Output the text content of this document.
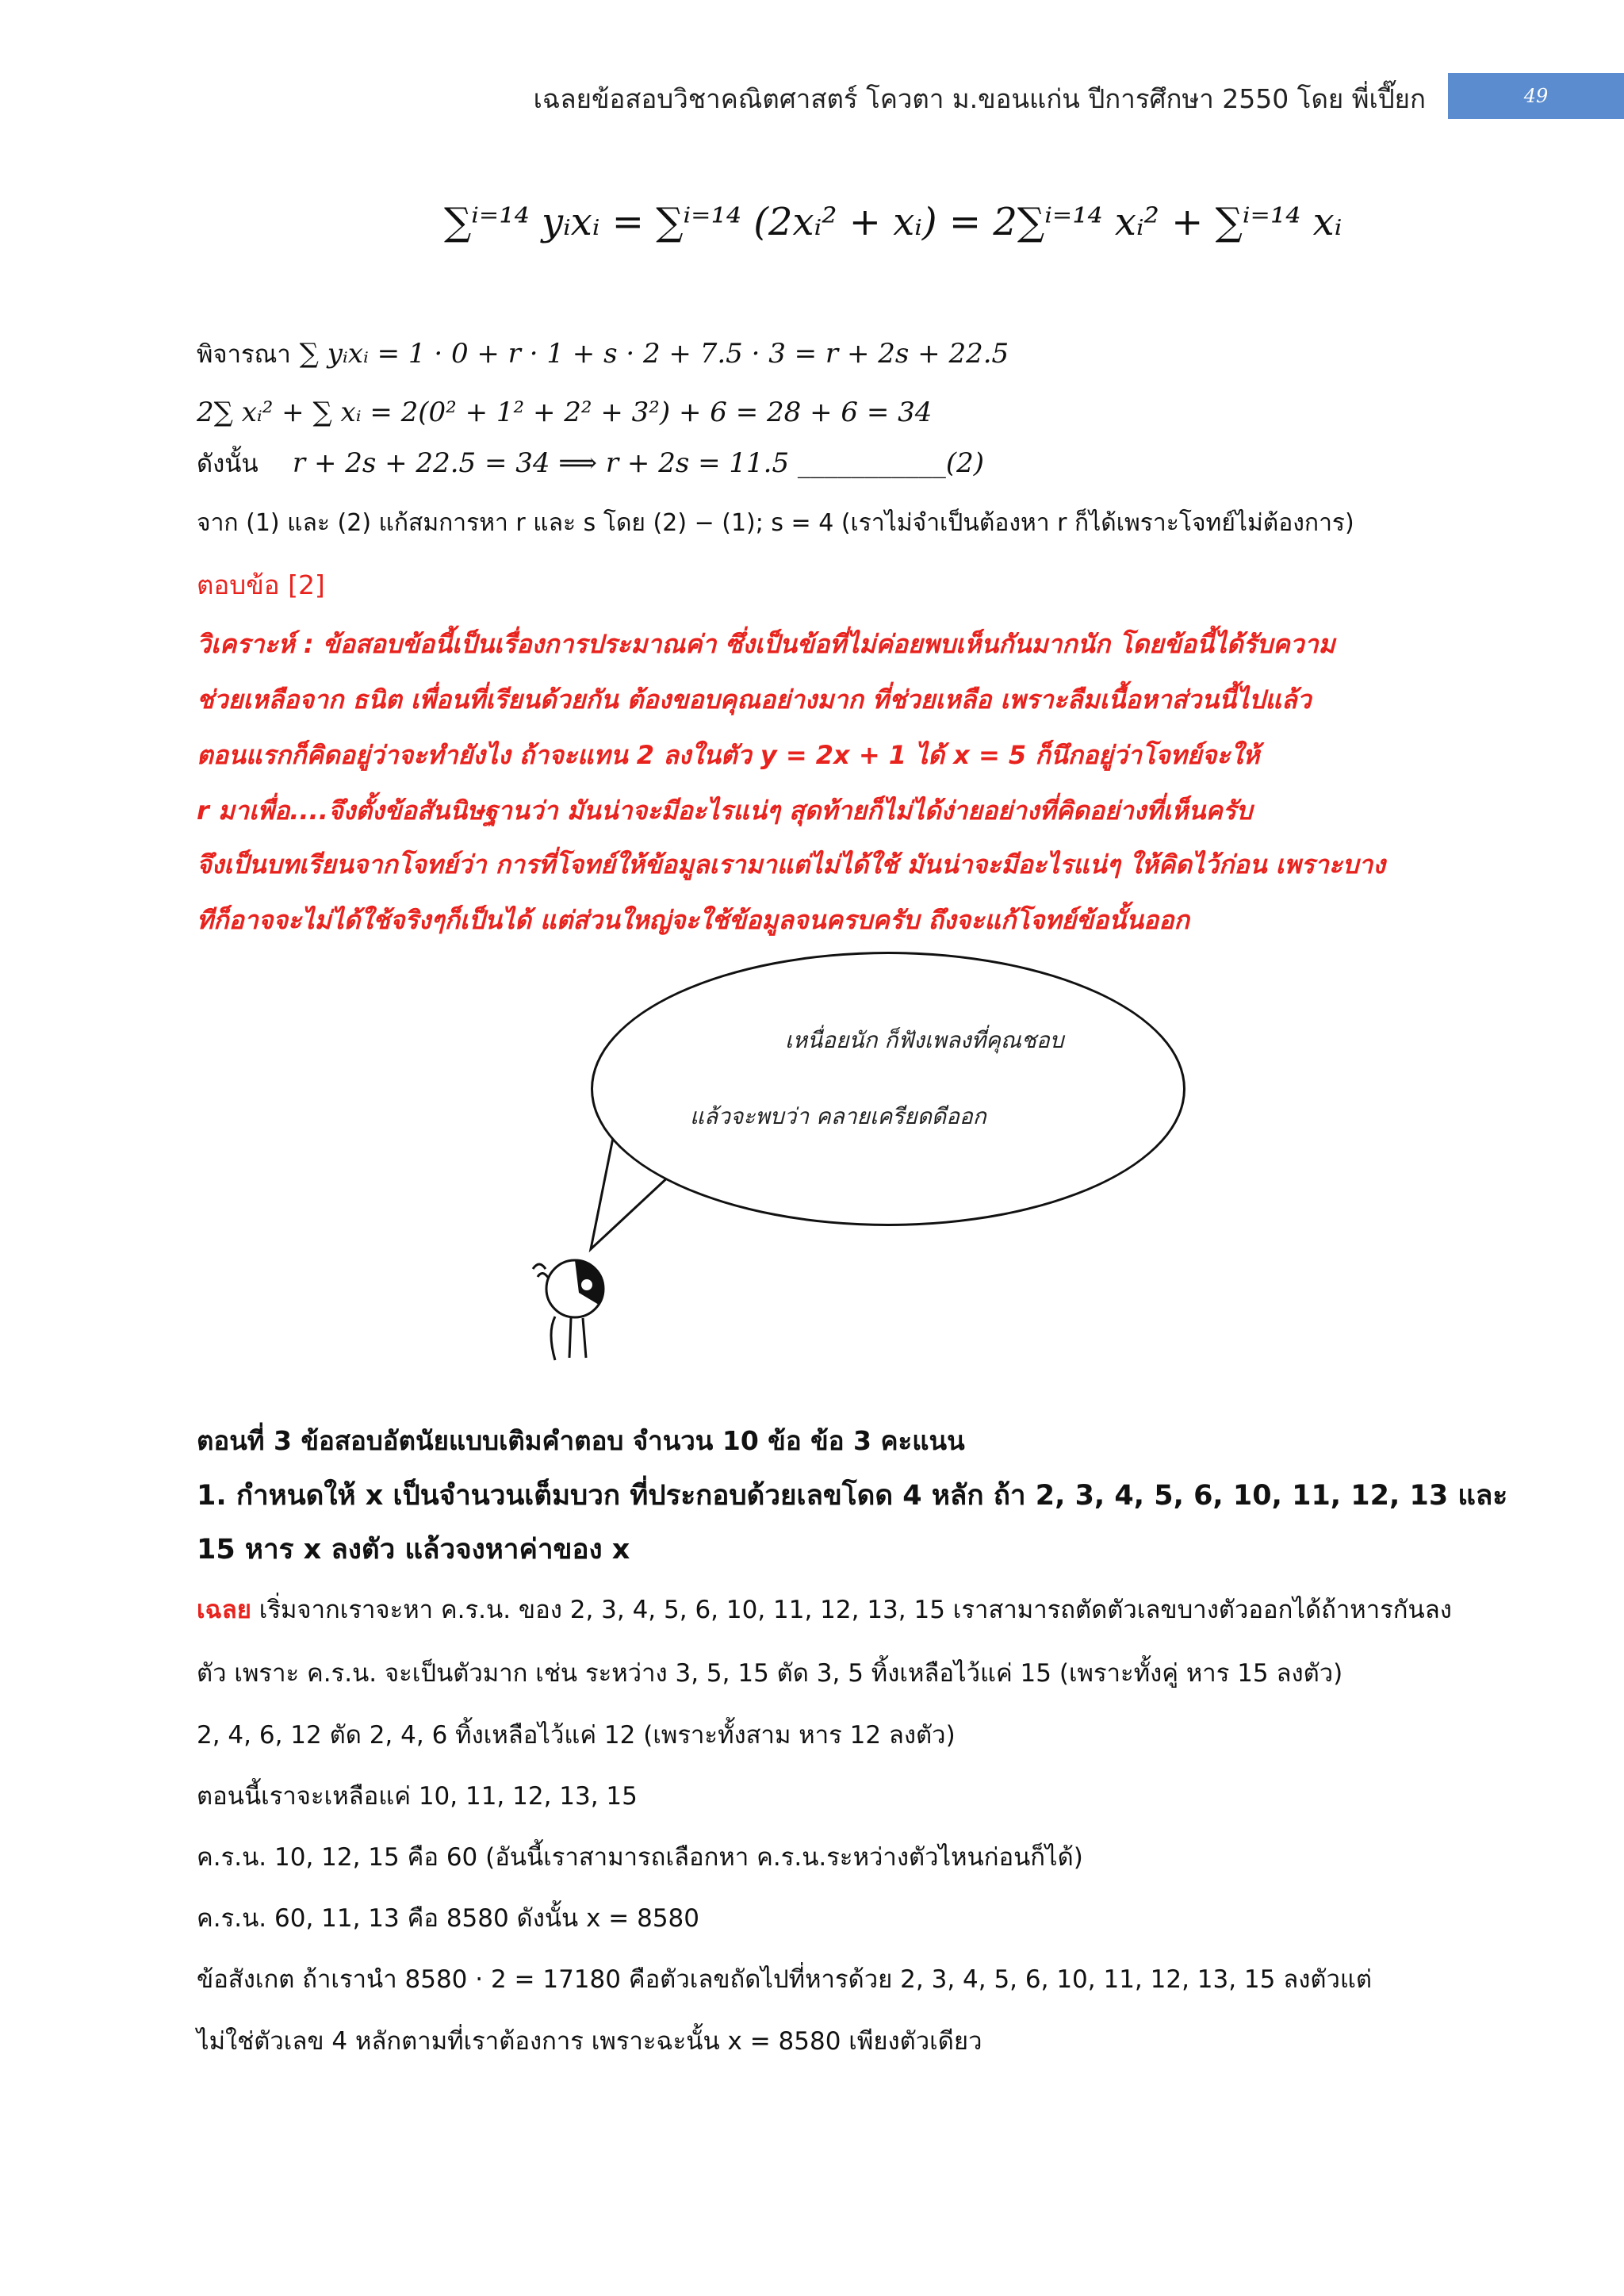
เฉลยข้อสอบวิชาคณิตศาสตร์ โควตา ม.ขอนแก่น ปีการศึกษา 2550 โดย พี่เปี๊ยก	49
∑ⁱ⁼¹⁴ yᵢxᵢ = ∑ⁱ⁼¹⁴ (2xᵢ² + xᵢ) = 2∑ⁱ⁼¹⁴ xᵢ² + ∑ⁱ⁼¹⁴ xᵢ
พิจารณา ∑ yᵢxᵢ = 1 · 0 + r · 1 + s · 2 + 7.5 · 3 = r + 2s + 22.5
2∑ xᵢ² + ∑ xᵢ = 2(0² + 1² + 2² + 3²) + 6 = 28 + 6 = 34
ดังนั้น r + 2s + 22.5 = 34 ⟹ r + 2s = 11.5 ___________(2)
จาก (1) และ (2) แก้สมการหา r และ s โดย (2) − (1); s = 4 (เราไม่จำเป็นต้องหา r ก็ได้เพราะโจทย์ไม่ต้องการ)
ตอบข้อ [2]
วิเคราะห์ : ข้อสอบข้อนี้เป็นเรื่องการประมาณค่า ซึ่งเป็นข้อที่ไม่ค่อยพบเห็นกันมากนัก โดยข้อนี้ได้รับความ
ช่วยเหลือจาก ธนิต เพื่อนที่เรียนด้วยกัน ต้องขอบคุณอย่างมาก ที่ช่วยเหลือ เพราะลืมเนื้อหาส่วนนี้ไปแล้ว
ตอนแรกก็คิดอยู่ว่าจะทำยังไง ถ้าจะแทน 2 ลงในตัว y = 2x + 1 ได้ x = 5 ก็นึกอยู่ว่าโจทย์จะให้
r มาเพื่อ....จึงตั้งข้อสันนิษฐานว่า มันน่าจะมีอะไรแน่ๆ สุดท้ายก็ไม่ได้ง่ายอย่างที่คิดอย่างที่เห็นครับ
จึงเป็นบทเรียนจากโจทย์ว่า การที่โจทย์ให้ข้อมูลเรามาแต่ไม่ได้ใช้ มันน่าจะมีอะไรแน่ๆ ให้คิดไว้ก่อน เพราะบาง
ทีก็อาจจะไม่ได้ใช้จริงๆก็เป็นได้ แต่ส่วนใหญ่จะใช้ข้อมูลจนครบครับ ถึงจะแก้โจทย์ข้อนั้นออก
เหนื่อยนัก ก็ฟังเพลงที่คุณชอบ
แล้วจะพบว่า คลายเครียดดีออก
ตอนที่ 3 ข้อสอบอัตนัยแบบเติมคำตอบ จำนวน 10 ข้อ ข้อ 3 คะแนน
1. กำหนดให้ x เป็นจำนวนเต็มบวก ที่ประกอบด้วยเลขโดด 4 หลัก ถ้า 2, 3, 4, 5, 6, 10, 11, 12, 13 และ
15 หาร x ลงตัว แล้วจงหาค่าของ x
เฉลย เริ่มจากเราจะหา ค.ร.น. ของ 2, 3, 4, 5, 6, 10, 11, 12, 13, 15 เราสามารถตัดตัวเลขบางตัวออกได้ถ้าหารกันลง
ตัว เพราะ ค.ร.น. จะเป็นตัวมาก เช่น ระหว่าง 3, 5, 15 ตัด 3, 5 ทิ้งเหลือไว้แค่ 15 (เพราะทั้งคู่ หาร 15 ลงตัว)
2, 4, 6, 12 ตัด 2, 4, 6 ทิ้งเหลือไว้แค่ 12 (เพราะทั้งสาม หาร 12 ลงตัว)
ตอนนี้เราจะเหลือแค่ 10, 11, 12, 13, 15
ค.ร.น. 10, 12, 15 คือ 60 (อันนี้เราสามารถเลือกหา ค.ร.น.ระหว่างตัวไหนก่อนก็ได้)
ค.ร.น. 60, 11, 13 คือ 8580 ดังนั้น x = 8580
ข้อสังเกต ถ้าเรานำ 8580 · 2 = 17180 คือตัวเลขถัดไปที่หารด้วย 2, 3, 4, 5, 6, 10, 11, 12, 13, 15 ลงตัวแต่
ไม่ใช่ตัวเลข 4 หลักตามที่เราต้องการ เพราะฉะนั้น x = 8580 เพียงตัวเดียว
